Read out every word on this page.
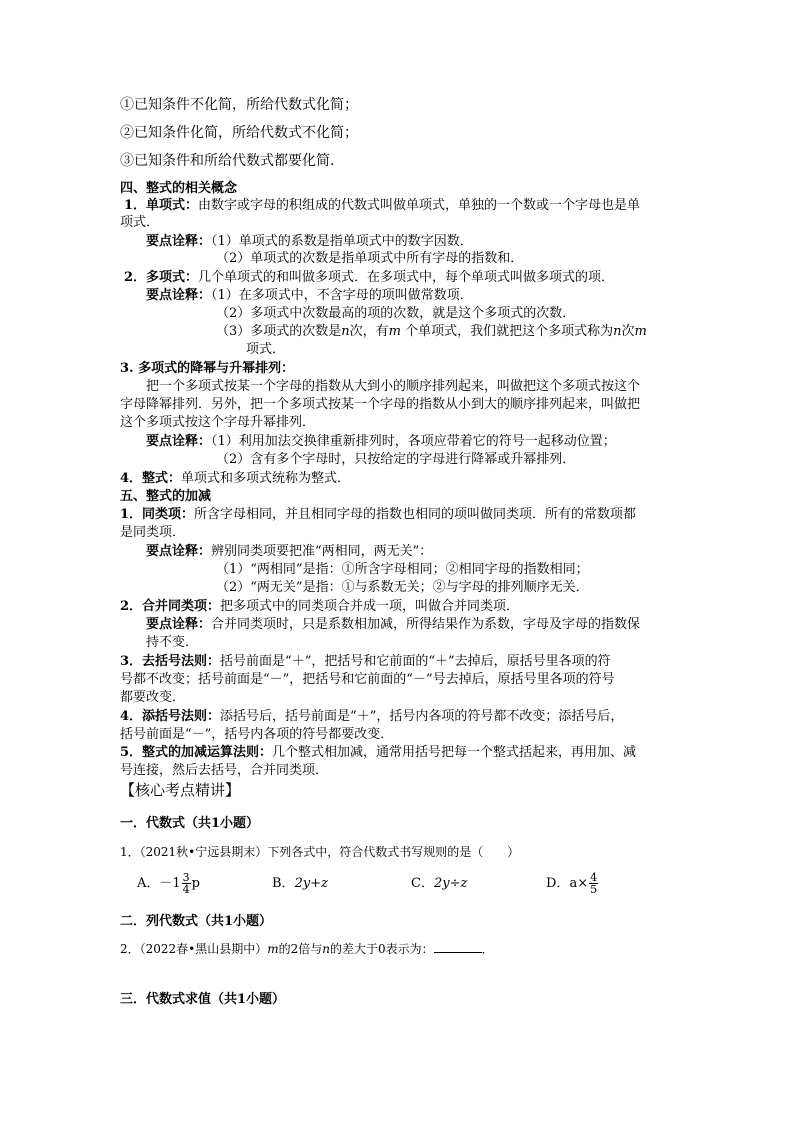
①已知条件不化简，所给代数式化简；
②已知条件化简，所给代数式不化简；
③已知条件和所给代数式都要化简．
四、整式的相关概念
1．单项式：由数字或字母的积组成的代数式叫做单项式，单独的一个数或一个字母也是单
项式．
要点诠释：（1）单项式的系数是指单项式中的数字因数．
（2）单项式的次数是指单项式中所有字母的指数和．
2．多项式：几个单项式的和叫做多项式．在多项式中，每个单项式叫做多项式的项．
要点诠释：（1）在多项式中，不含字母的项叫做常数项．
（2）多项式中次数最高的项的次数，就是这个多项式的次数．
（3）多项式的次数是n次，有m 个单项式，我们就把这个多项式称为n次m
项式．
3. 多项式的降幂与升幂排列：
把一个多项式按某一个字母的指数从大到小的顺序排列起来，叫做把这个多项式按这个
字母降幂排列．另外，把一个多项式按某一个字母的指数从小到大的顺序排列起来，叫做把
这个多项式按这个字母升幂排列．
要点诠释：（1）利用加法交换律重新排列时，各项应带着它的符号一起移动位置；
（2）含有多个字母时，只按给定的字母进行降幂或升幂排列．
4．整式：单项式和多项式统称为整式．
五、整式的加减
1．同类项：所含字母相同，并且相同字母的指数也相同的项叫做同类项．所有的常数项都
是同类项．
要点诠释：辨别同类项要把准“两相同，两无关”：
（1）“两相同”是指：①所含字母相同；②相同字母的指数相同；
（2）“两无关”是指：①与系数无关；②与字母的排列顺序无关．
2．合并同类项：把多项式中的同类项合并成一项，叫做合并同类项．
要点诠释：合并同类项时，只是系数相加减，所得结果作为系数，字母及字母的指数保
持不变．
3．去括号法则：括号前面是“＋”，把括号和它前面的“＋”去掉后，原括号里各项的符
号都不改变；括号前面是“－”，把括号和它前面的“－”号去掉后，原括号里各项的符号
都要改变．
4．添括号法则：添括号后，括号前面是“＋”，括号内各项的符号都不改变；添括号后，
括号前面是“－”，括号内各项的符号都要改变．
5．整式的加减运算法则：几个整式相加减，通常用括号把每一个整式括起来，再用加、减
号连接，然后去括号，合并同类项．
【核心考点精讲】
一．代数式（共1小题）
1．（2021秋•宁远县期末）下列各式中，符合代数式书写规则的是（　　）
A．$-1 \frac{3}{4}$ p	B．2y+z	C．2y÷z	D．$a\times \frac{4}{5}$
二．列代数式（共1小题）
2．（2022春•黑山县期中）m的2倍与n的差大于0表示为：	．
三．代数式求值（共1小题）
